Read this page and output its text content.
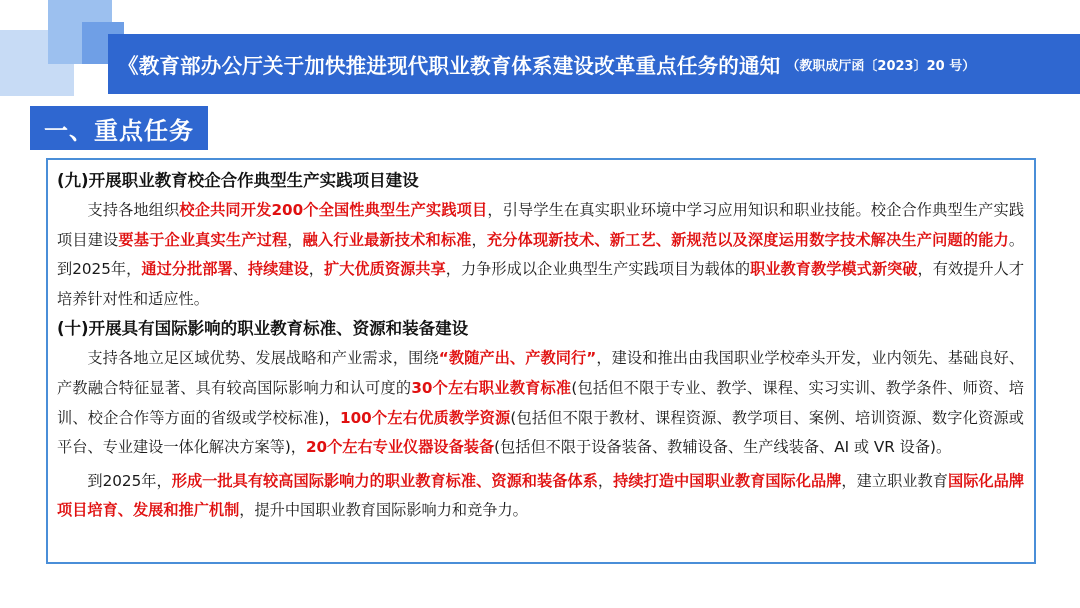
《教育部办公厅关于加快推进现代职业教育体系建设改革重点任务的通知 （教职成厅函〔2023〕20 号）
一、重点任务
(九)开展职业教育校企合作典型生产实践项目建设
支持各地组织校企共同开发200个全国性典型生产实践项目，引导学生在真实职业环境中学习应用知识和职业技能。校企合作典型生产实践项目建设要基于企业真实生产过程，融入行业最新技术和标准，充分体现新技术、新工艺、新规范以及深度运用数字技术解决生产问题的能力。到2025年，通过分批部署、持续建设，扩大优质资源共享，力争形成以企业典型生产实践项目为载体的职业教育教学模式新突破，有效提升人才培养针对性和适应性。
(十)开展具有国际影响的职业教育标准、资源和装备建设
支持各地立足区域优势、发展战略和产业需求，围绕“教随产出、产教同行”，建设和推出由我国职业学校牵头开发，业内领先、基础良好、产教融合特征显著、具有较高国际影响力和认可度的30个左右职业教育标准(包括但不限于专业、教学、课程、实习实训、教学条件、师资、培训、校企合作等方面的省级或学校标准)，100个左右优质教学资源(包括但不限于教材、课程资源、教学项目、案例、培训资源、数字化资源或平台、专业建设一体化解决方案等)，20个左右专业仪器设备装备(包括但不限于设备装备、教辅设备、生产线装备、AI 或 VR 设备)。
到2025年，形成一批具有较高国际影响力的职业教育标准、资源和装备体系，持续打造中国职业教育国际化品牌，建立职业教育国际化品牌项目培育、发展和推广机制，提升中国职业教育国际影响力和竞争力。
